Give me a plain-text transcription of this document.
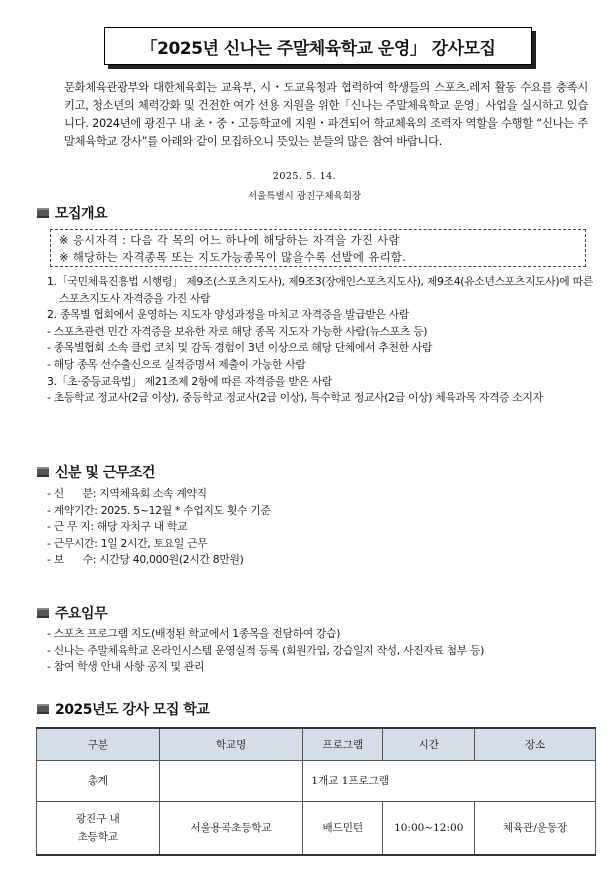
「2025년 신나는 주말체육학교 운영」 강사모집

문화체육관광부와 대한체육회는 교육부, 시・도교육청과 협력하여 학생들의 스포츠.레저 활동 수요를 충족시키고, 청소년의 체력강화 및 건전한 여가 선용 지원을 위한「신나는 주말체육학교 운영」사업을 실시하고 있습니다. 2024년에 광진구 내 초・중・고등학교에 지원・파견되어 학교체육의 조력자 역할을 수행할 “신나는 주말체육학교 강사”를 아래와 같이 모집하오니 뜻있는 분들의 많은 참여 바랍니다.

2025. 5. 14.
서울특별시 광진구체육회장
모집개요
※ 응시자격 : 다음 각 목의 어느 하나에 해당하는 자격을 가진 사람
※ 해당하는 자격종목 또는 지도가능종목이 많을수록 선발에 유리함.
1.「국민체육진흥법 시행령」 제9조(스포츠지도사), 제9조3(장애인스포츠지도사), 제9조4(유소년스포츠지도사)에 따른 스포츠지도사 자격증을 가진 사람
2. 종목별 협회에서 운영하는 지도자 양성과정을 마치고 자격증을 발급받은 사람
- 스포츠관련 민간 자격증을 보유한 자로 해당 종목 지도자 가능한 사람(뉴스포츠 등)
- 종목별협회 소속 클럽 코치 및 감독 경험이 3년 이상으로 해당 단체에서 추천한 사람
- 해당 종목 선수출신으로 실적증명서 제출이 가능한 사람
3.「초·중등교육법」 제21조제 2항에 따른 자격증을 받은 사람
- 초등학교 정교사(2급 이상), 중등학교 정교사(2급 이상), 특수학교 정교사(2급 이상) 체육과목 자격증 소지자
신분 및 근무조건
- 신      분: 지역체육회 소속 계약직
- 계약기간: 2025. 5~12월 * 수업지도 횟수 기준
- 근 무 지: 해당 자치구 내 학교
- 근무시간: 1일 2시간, 토요일 근무
- 보      수: 시간당 40,000원(2시간 8만원)
주요임무
- 스포츠 프로그램 지도(배정된 학교에서 1종목을 전담하여 강습)
- 신나는 주말체육학교 온라인시스템 운영실적 등록 (회원가입, 강습일지 작성, 사진자료 첨부 등)
- 참여 학생 안내 사항 공지 및 관리
2025년도 강사 모집 학교
구분	학교명	프로그램	시간	장소
총계		1개교 1프로그램		

광진구 내
초등학교	서울용곡초등학교	배드민턴	10:00~12:00	체육관/운동장
